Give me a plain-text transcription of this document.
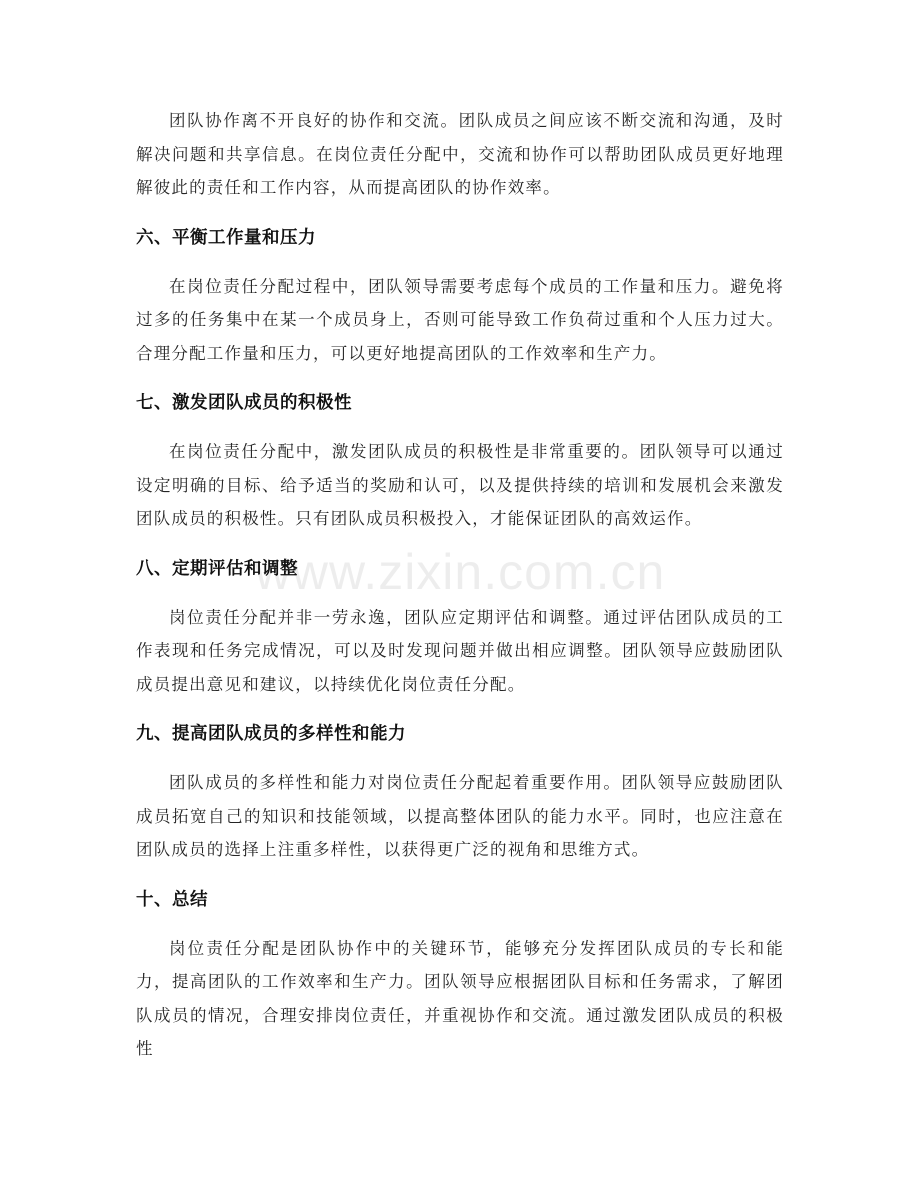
团队协作离不开良好的协作和交流。团队成员之间应该不断交流和沟通，及时解决问题和共享信息。在岗位责任分配中，交流和协作可以帮助团队成员更好地理解彼此的责任和工作内容，从而提高团队的协作效率。

六、平衡工作量和压力

在岗位责任分配过程中，团队领导需要考虑每个成员的工作量和压力。避免将过多的任务集中在某一个成员身上，否则可能导致工作负荷过重和个人压力过大。合理分配工作量和压力，可以更好地提高团队的工作效率和生产力。

七、激发团队成员的积极性

在岗位责任分配中，激发团队成员的积极性是非常重要的。团队领导可以通过设定明确的目标、给予适当的奖励和认可，以及提供持续的培训和发展机会来激发团队成员的积极性。只有团队成员积极投入，才能保证团队的高效运作。

八、定期评估和调整

岗位责任分配并非一劳永逸，团队应定期评估和调整。通过评估团队成员的工作表现和任务完成情况，可以及时发现问题并做出相应调整。团队领导应鼓励团队成员提出意见和建议，以持续优化岗位责任分配。

九、提高团队成员的多样性和能力

团队成员的多样性和能力对岗位责任分配起着重要作用。团队领导应鼓励团队成员拓宽自己的知识和技能领域，以提高整体团队的能力水平。同时，也应注意在团队成员的选择上注重多样性，以获得更广泛的视角和思维方式。

十、总结

岗位责任分配是团队协作中的关键环节，能够充分发挥团队成员的专长和能力，提高团队的工作效率和生产力。团队领导应根据团队目标和任务需求，了解团队成员的情况，合理安排岗位责任，并重视协作和交流。通过激发团队成员的积极性

www.zixin.com.cn
